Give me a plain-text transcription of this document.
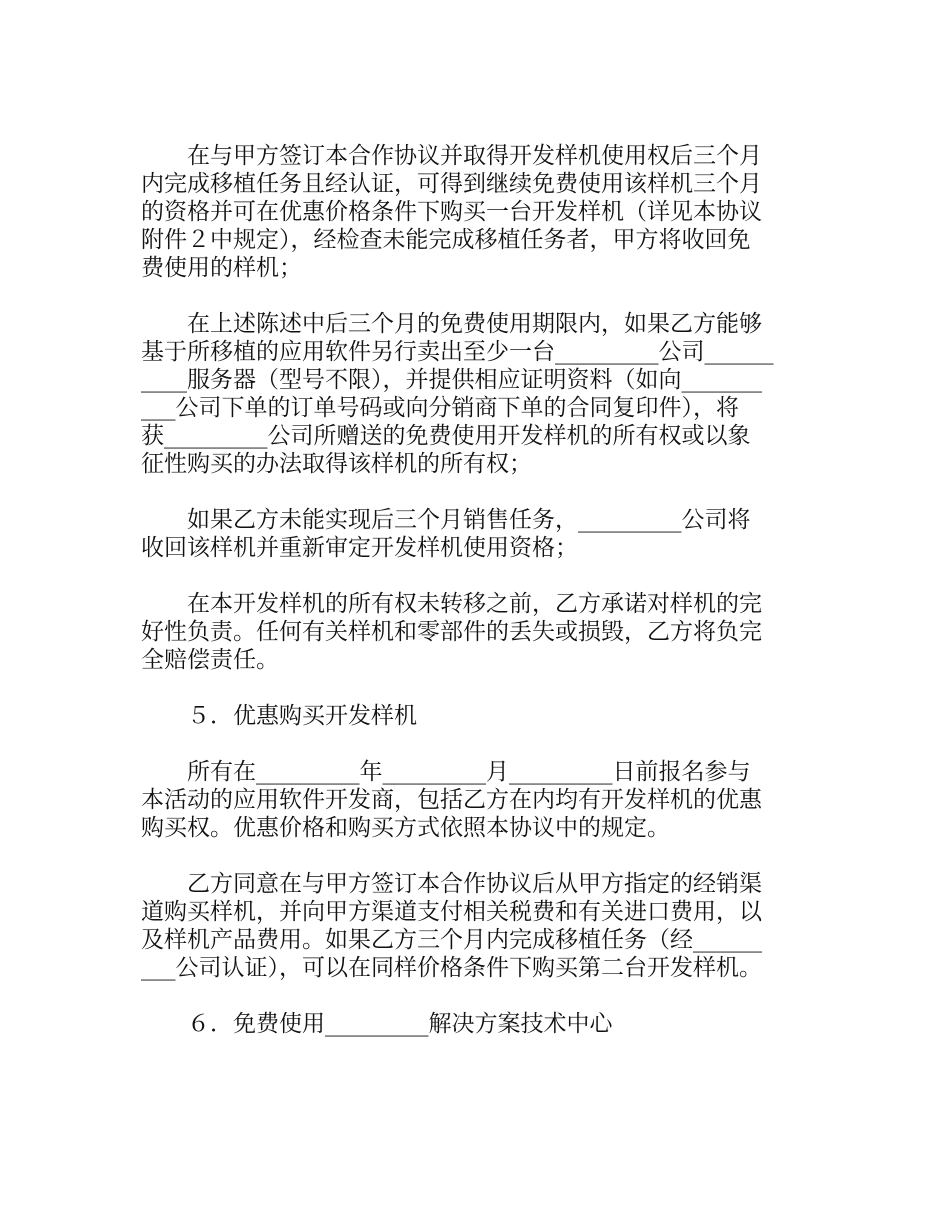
　　在与甲方签订本合作协议并取得开发样机使用权后三个月
内完成移植任务且经认证，可得到继续免费使用该样机三个月
的资格并可在优惠价格条件下购买一台开发样机（详见本协议
附件２中规定），经检查未能完成移植任务者，甲方将收回免
费使用的样机；

　　在上述陈述中后三个月的免费使用期限内，如果乙方能够
基于所移植的应用软件另行卖出至少一台_________公司______
____服务器（型号不限），并提供相应证明资料（如向_______
___公司下单的订单号码或向分销商下单的合同复印件），将
获_________公司所赠送的免费使用开发样机的所有权或以象
征性购买的办法取得该样机的所有权；

　　如果乙方未能实现后三个月销售任务，_________公司将
收回该样机并重新审定开发样机使用资格；

　　在本开发样机的所有权未转移之前，乙方承诺对样机的完
好性负责。任何有关样机和零部件的丢失或损毁，乙方将负完
全赔偿责任。

　　５．优惠购买开发样机

　　所有在_________年_________月_________日前报名参与
本活动的应用软件开发商，包括乙方在内均有开发样机的优惠
购买权。优惠价格和购买方式依照本协议中的规定。

　　乙方同意在与甲方签订本合作协议后从甲方指定的经销渠
道购买样机，并向甲方渠道支付相关税费和有关进口费用，以
及样机产品费用。如果乙方三个月内完成移植任务（经______
___公司认证），可以在同样价格条件下购买第二台开发样机。

　　６．免费使用_________解决方案技术中心
